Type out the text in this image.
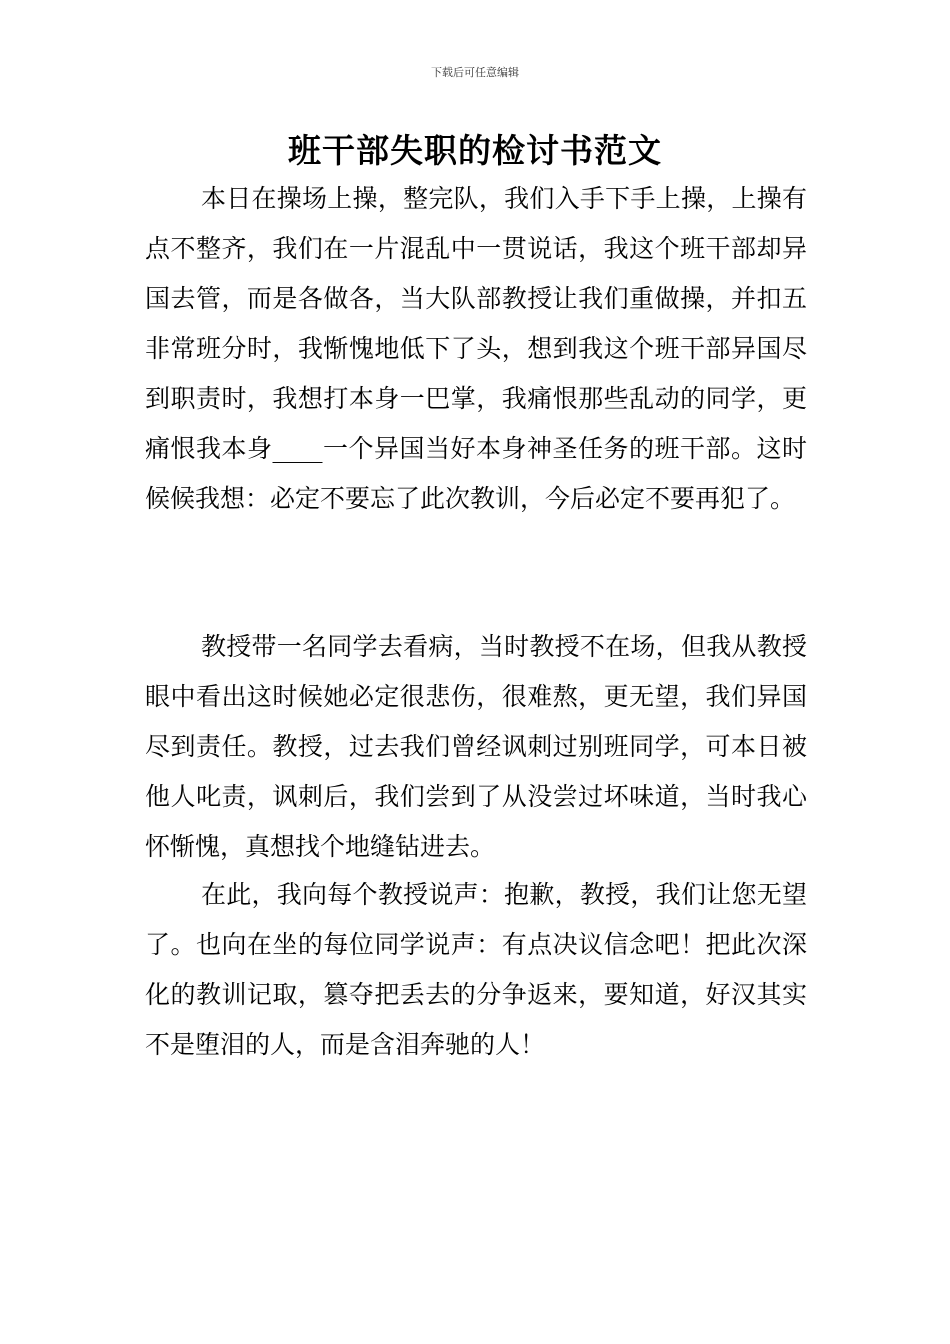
下载后可任意编辑
班干部失职的检讨书范文

本日在操场上操，整完队，我们入手下手上操，上操有点不整齐，我们在一片混乱中一贯说话，我这个班干部却异国去管，而是各做各，当大队部教授让我们重做操，并扣五非常班分时，我惭愧地低下了头，想到我这个班干部异国尽到职责时，我想打本身一巴掌，我痛恨那些乱动的同学，更痛恨我本身____一个异国当好本身神圣任务的班干部。这时候候我想：必定不要忘了此次教训，今后必定不要再犯了。

教授带一名同学去看病，当时教授不在场，但我从教授眼中看出这时候她必定很悲伤，很难熬，更无望，我们异国尽到责任。教授，过去我们曾经讽刺过别班同学，可本日被他人叱责，讽刺后，我们尝到了从没尝过坏味道，当时我心怀惭愧，真想找个地缝钻进去。

在此，我向每个教授说声：抱歉，教授，我们让您无望了。也向在坐的每位同学说声：有点决议信念吧！把此次深化的教训记取，篡夺把丢去的分争返来，要知道，好汉其实不是堕泪的人，而是含泪奔驰的人！
